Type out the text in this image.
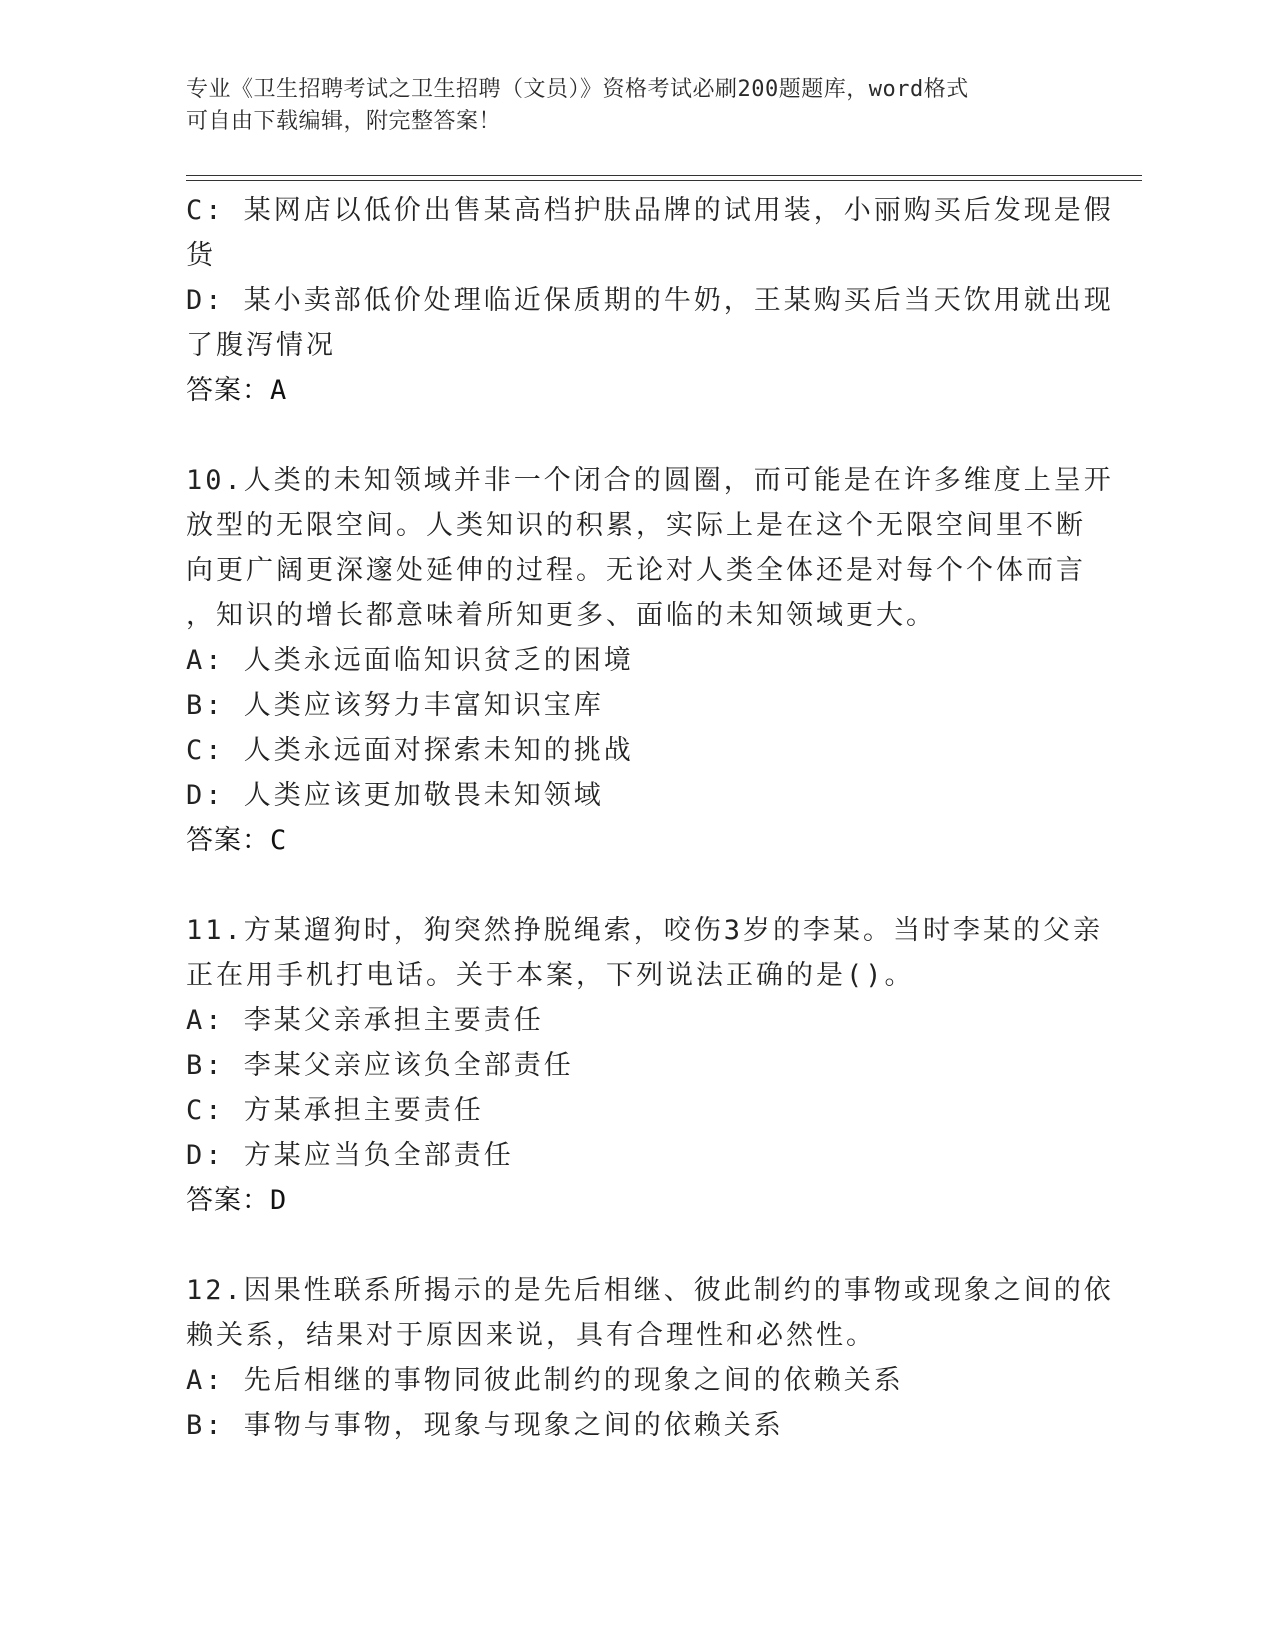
专业《卫生招聘考试之卫生招聘（文员）》资格考试必刷200题题库，word格式
可自由下载编辑，附完整答案！
C: 某网店以低价出售某高档护肤品牌的试用装，小丽购买后发现是假
货
D: 某小卖部低价处理临近保质期的牛奶，王某购买后当天饮用就出现
了腹泻情况
答案：A
10.人类的未知领域并非一个闭合的圆圈，而可能是在许多维度上呈开
放型的无限空间。人类知识的积累，实际上是在这个无限空间里不断
向更广阔更深邃处延伸的过程。无论对人类全体还是对每个个体而言
，知识的增长都意味着所知更多、面临的未知领域更大。
A: 人类永远面临知识贫乏的困境
B: 人类应该努力丰富知识宝库
C: 人类永远面对探索未知的挑战
D: 人类应该更加敬畏未知领域
答案：C
11.方某遛狗时，狗突然挣脱绳索，咬伤3岁的李某。当时李某的父亲
正在用手机打电话。关于本案，下列说法正确的是()。
A: 李某父亲承担主要责任
B: 李某父亲应该负全部责任
C: 方某承担主要责任
D: 方某应当负全部责任
答案：D
12.因果性联系所揭示的是先后相继、彼此制约的事物或现象之间的依
赖关系，结果对于原因来说，具有合理性和必然性。
A: 先后相继的事物同彼此制约的现象之间的依赖关系
B: 事物与事物，现象与现象之间的依赖关系
